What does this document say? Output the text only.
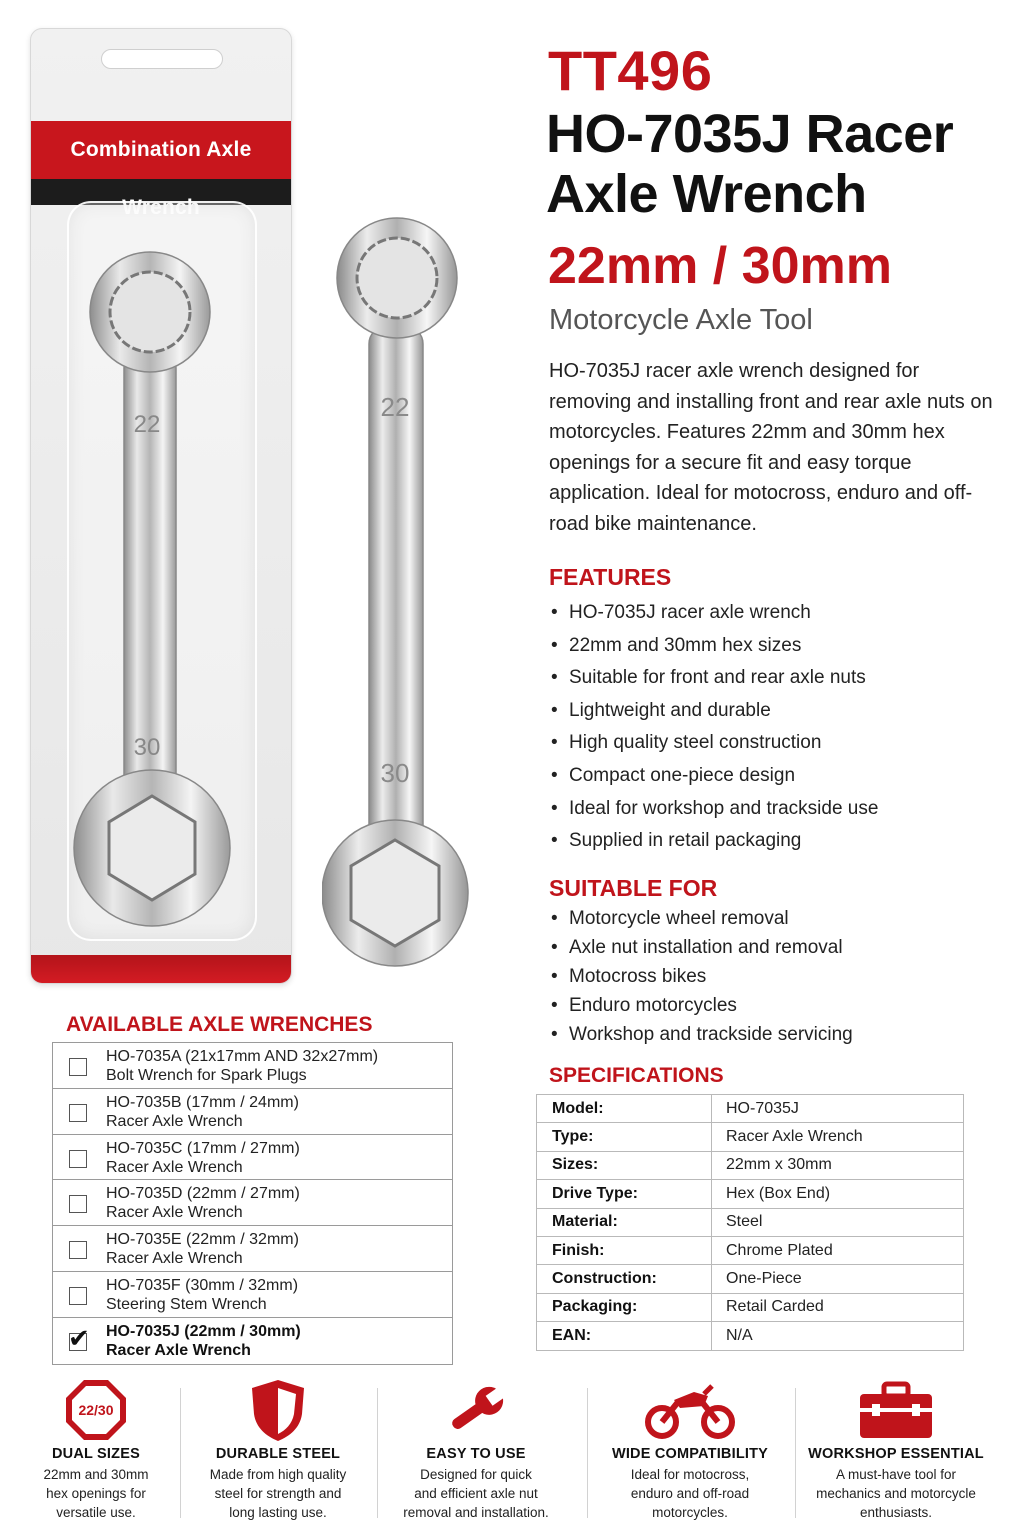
Combination Axle Wrench
22
30
22
30
TT496
HO-7035J Racer
Axle Wrench
22mm / 30mm
Motorcycle Axle Tool
HO-7035J racer axle wrench designed for removing and installing front and rear axle nuts on motorcycles. Features 22mm and 30mm hex openings for a secure fit and easy torque application. Ideal for motocross, enduro and off-road bike maintenance.
FEATURES
• HO-7035J racer axle wrench
• 22mm and 30mm hex sizes
• Suitable for front and rear axle nuts
• Lightweight and durable
• High quality steel construction
• Compact one-piece design
• Ideal for workshop and trackside use
• Supplied in retail packaging
SUITABLE FOR
• Motorcycle wheel removal
• Axle nut installation and removal
• Motocross bikes
• Enduro motorcycles
• Workshop and trackside servicing
SPECIFICATIONS
Model:	HO-7035J
Type:	Racer Axle Wrench
Sizes:	22mm x 30mm
Drive Type:	Hex (Box End)
Material:	Steel
Finish:	Chrome Plated
Construction:	One-Piece
Packaging:	Retail Carded
EAN:	N/A
AVAILABLE AXLE WRENCHES
HO-7035A (21x17mm AND 32x27mm)
Bolt Wrench for Spark Plugs
HO-7035B (17mm / 24mm)
Racer Axle Wrench
HO-7035C (17mm / 27mm)
Racer Axle Wrench
HO-7035D (22mm / 27mm)
Racer Axle Wrench
HO-7035E (22mm / 32mm)
Racer Axle Wrench
HO-7035F (30mm / 32mm)
Steering Stem Wrench
✔ HO-7035J (22mm / 30mm)
Racer Axle Wrench
22/30
DUAL SIZES
22mm and 30mm
hex openings for
versatile use.
DURABLE STEEL
Made from high quality
steel for strength and
long lasting use.
EASY TO USE
Designed for quick
and efficient axle nut
removal and installation.
WIDE COMPATIBILITY
Ideal for motocross,
enduro and off-road
motorcycles.
WORKSHOP ESSENTIAL
A must-have tool for
mechanics and motorcycle
enthusiasts.
